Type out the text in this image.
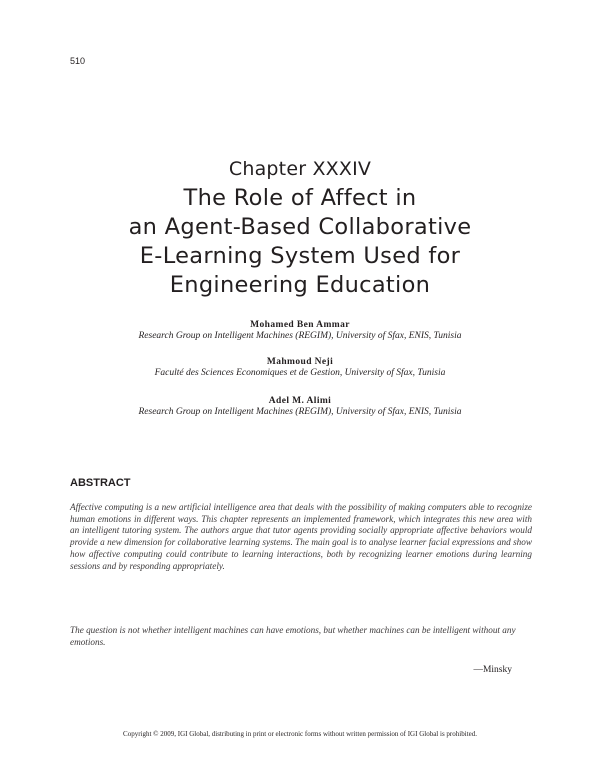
510
Chapter XXXIV
The Role of Affect in
an Agent-Based Collaborative
E-Learning System Used for
Engineering Education
Mohamed Ben Ammar
Research Group on Intelligent Machines (REGIM), University of Sfax, ENIS, Tunisia
Mahmoud Neji
Faculté des Sciences Economiques et de Gestion, University of Sfax, Tunisia
Adel M. Alimi
Research Group on Intelligent Machines (REGIM), University of Sfax, ENIS, Tunisia
ABSTRACT
Affective computing is a new artificial intelligence area that deals with the possibility of making computers able to recognize human emotions in different ways. This chapter represents an implemented framework, which integrates this new area with an intelligent tutoring system. The authors argue that tutor agents providing socially appropriate affective behaviors would provide a new dimension for collaborative learning systems. The main goal is to analyse learner facial expressions and show how affective computing could contribute to learning interactions, both by recognizing learner emotions during learning sessions and by responding appropriately.
The question is not whether intelligent machines can have emotions, but whether machines can be intelligent without any emotions.
—Minsky
Copyright © 2009, IGI Global, distributing in print or electronic forms without written permission of IGI Global is prohibited.
